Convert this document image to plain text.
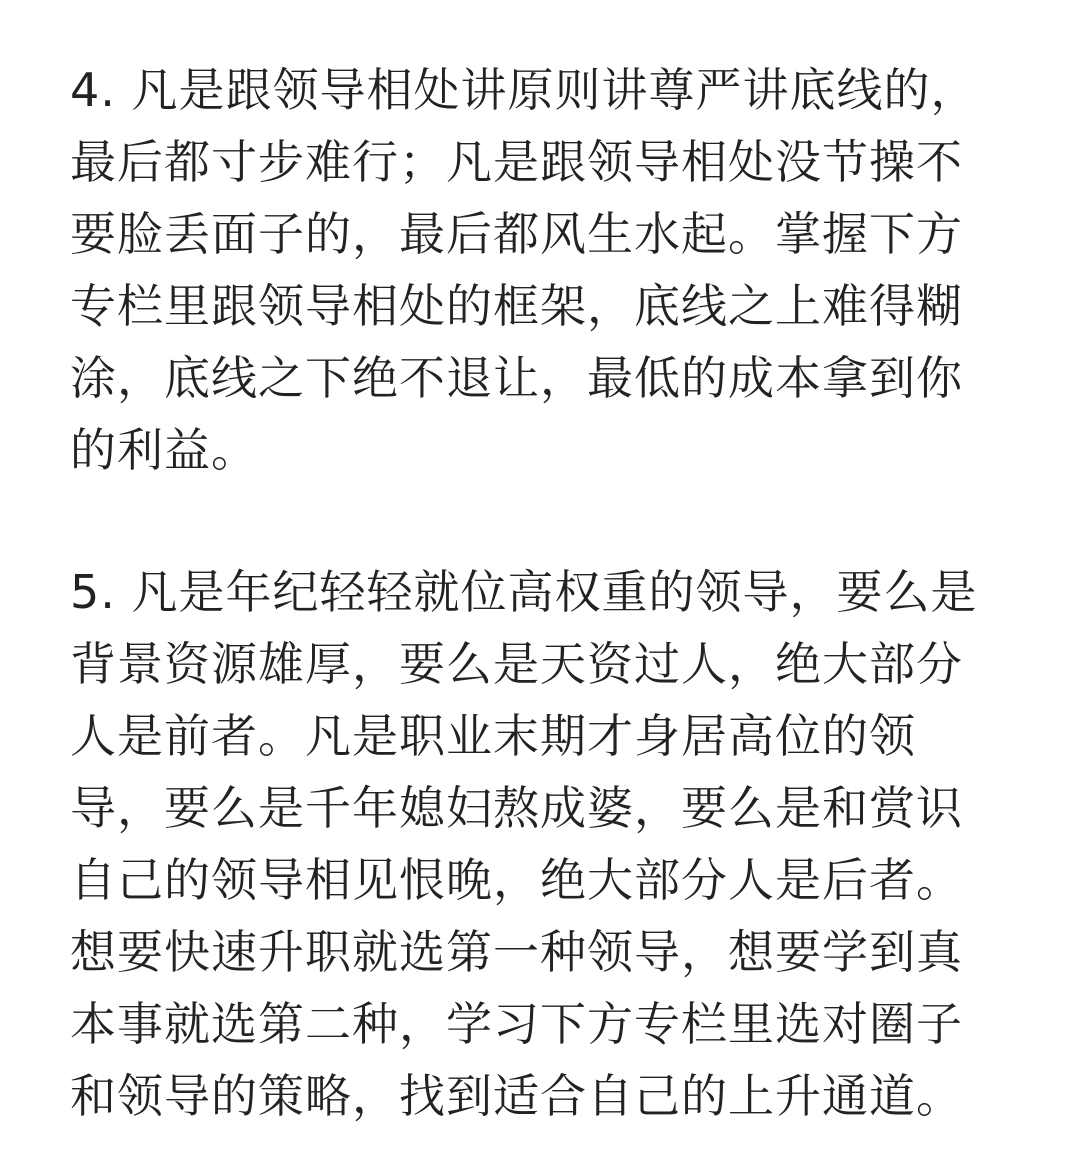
4. 凡是跟领导相处讲原则讲尊严讲底线的，
最后都寸步难行；凡是跟领导相处没节操不
要脸丢面子的，最后都风生水起。掌握下方
专栏里跟领导相处的框架，底线之上难得糊
涂，底线之下绝不退让，最低的成本拿到你
的利益。

5. 凡是年纪轻轻就位高权重的领导，要么是
背景资源雄厚，要么是天资过人，绝大部分
人是前者。凡是职业末期才身居高位的领
导，要么是千年媳妇熬成婆，要么是和赏识
自己的领导相见恨晚，绝大部分人是后者。
想要快速升职就选第一种领导，想要学到真
本事就选第二种，学习下方专栏里选对圈子
和领导的策略，找到适合自己的上升通道。
